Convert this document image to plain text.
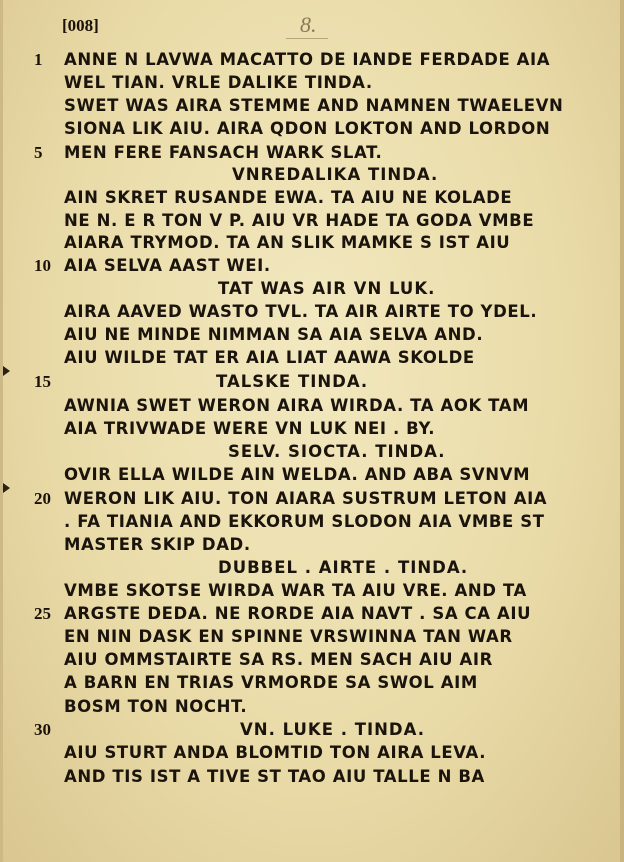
[008]	8.
1
5
10
15
20
25
30
ANNE N LAVWA MACATTO DE IANDE FERDADE AIA
WEL TIAN. VRLE DALIKE TINDA.
SWET WAS AIRA STEMME AND NAMNEN TWAELEVN
SIONA LIK AIU. AIRA QDON LOKTON AND LORDON
MEN FERE FANSACH WARK SLAT.
VNREDALIKA TINDA.
AIN SKRET RUSANDE EWA. TA AIU NE KOLADE
NE N. E R TON V P. AIU VR HADE TA GODA VMBE
AIARA TRYMOD. TA AN SLIK MAMKE S IST AIU
AIA SELVA AAST WEI.
TAT WAS AIR VN LUK.
AIRA AAVED WASTO TVL. TA AIR AIRTE TO YDEL.
AIU NE MINDE NIMMAN SA AIA SELVA AND.
AIU WILDE TAT ER AIA LIAT AAWA SKOLDE
TALSKE TINDA.
AWNIA SWET WERON AIRA WIRDA. TA AOK TAM
AIA TRIVWADE WERE VN LUK NEI . BY.
SELV. SIOCTA. TINDA.
OVIR ELLA WILDE AIN WELDA. AND ABA SVNVM
WERON LIK AIU. TON AIARA SUSTRUM LETON AIA
. FA TIANIA AND EKKORUM SLODON AIA VMBE ST
MASTER SKIP DAD.
DUBBEL . AIRTE . TINDA.
VMBE SKOTSE WIRDA WAR TA AIU VRE. AND TA
ARGSTE DEDA. NE RORDE AIA NAVT . SA CA AIU
EN NIN DASK EN SPINNE VRSWINNA TAN WAR
AIU OMMSTAIRTE SA RS. MEN SACH AIU AIR
A BARN EN TRIAS VRMORDE SA SWOL AIM
BOSM TON NOCHT.
VN. LUKE . TINDA.
AIU STURT ANDA BLOMTID TON AIRA LEVA.
AND TIS IST A TIVE ST TAO AIU TALLE N BA
